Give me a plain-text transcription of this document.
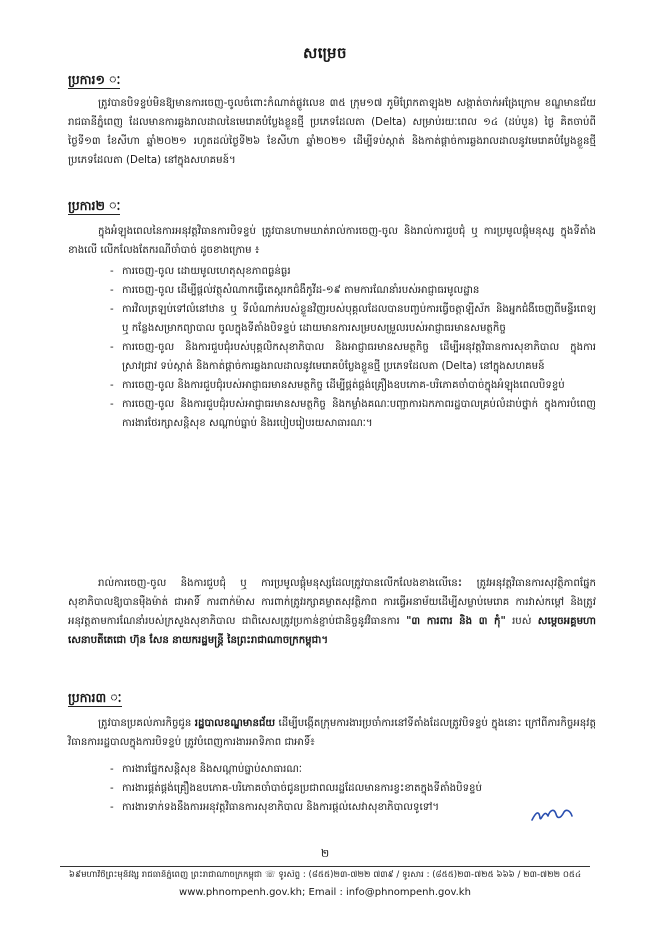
សម្រេច
ប្រការ១ ៈ
ត្រូវបានបិទខ្ទប់មិនឱ្យមានការចេញ-ចូលចំពោះកំណាត់ផ្លូវលេខ ៣៥ ក្រុម១៧ ភូមិព្រែកតាឡុង២ សង្កាត់ចាក់អង្រែក្រោម ខណ្ឌមានជ័យ រាជធានីភ្នំពេញ ដែលមានការឆ្លងរាលដាលនៃមេរោគបំប្លែងខ្លួនថ្មី ប្រភេទដែលតា (Delta) សម្រាប់រយៈពេល ១៤ (ដប់បួន) ថ្ងៃ គិតចាប់ពីថ្ងៃទី១៣ ខែសីហា ឆ្នាំ២០២១ រហូតដល់ថ្ងៃទី២៦ ខែសីហា ឆ្នាំ២០២១ ដើម្បីទប់ស្កាត់ និងកាត់ផ្តាច់ការឆ្លងរាលដាលនូវមេរោគបំប្លែងខ្លួនថ្មី ប្រភេទដែលតា (Delta) នៅក្នុងសហគមន៍។
ប្រការ២ ៈ
ក្នុងអំឡុងពេលនៃការអនុវត្តវិធានការបិទខ្ទប់ ត្រូវបានហាមឃាត់រាល់ការចេញ-ចូល និងរាល់ការជួបជុំ ឬ ការប្រមូលផ្តុំមនុស្ស ក្នុងទីតាំងខាងលើ លើកលែងតែករណីចាំបាច់ ដូចខាងក្រោម ៖
- ការចេញ-ចូល ដោយមូលហេតុសុខភាពធ្ងន់ធ្ងរ
- ការចេញ-ចូល ដើម្បីផ្តល់វត្ថុសំណាកធ្វើតេស្តរកជំងឺកូវីដ-១៩ តាមការណែនាំរបស់អាជ្ញាធរមូលដ្ឋាន
- ការវិលត្រឡប់ទៅលំនៅឋាន ឬ ទីលំណាក់របស់ខ្លួនវិញរបស់បុគ្គលដែលបានបញ្ចប់ការធ្វើចត្តាឡីស័ក និងអ្នកជំងឺចេញពីមន្ទីរពេទ្យ ឬ កន្លែងសម្រាកព្យាបាល ចូលក្នុងទីតាំងបិទខ្ទប់ ដោយមានការសម្របសម្រួលរបស់អាជ្ញាធរមានសមត្ថកិច្ច
- ការចេញ-ចូល និងការជួបជុំរបស់បុគ្គលិកសុខាភិបាល និងអាជ្ញាធរមានសមត្ថកិច្ច ដើម្បីអនុវត្តវិធានការសុខាភិបាល ក្នុងការស្រាវជ្រាវ ទប់ស្កាត់ និងកាត់ផ្តាច់ការឆ្លងរាលដាលនូវមេរោគបំប្លែងខ្លួនថ្មី ប្រភេទដែលតា (Delta) នៅក្នុងសហគមន៍
- ការចេញ-ចូល និងការជួបជុំរបស់អាជ្ញាធរមានសមត្ថកិច្ច ដើម្បីផ្គត់ផ្គង់គ្រឿងឧបភោគ-បរិភោគចាំបាច់ក្នុងអំឡុងពេលបិទខ្ទប់
- ការចេញ-ចូល និងការជួបជុំរបស់អាជ្ញាធរមានសមត្ថកិច្ច និងកម្លាំងគណៈបញ្ជាការឯកភាពរដ្ឋបាលគ្រប់លំដាប់ថ្នាក់ ក្នុងការបំពេញការងារថែរក្សាសន្តិសុខ សណ្តាប់ធ្នាប់ និងរបៀបរៀបរយសាធារណៈ។
រាល់ការចេញ-ចូល និងការជួបជុំ ឬ ការប្រមូលផ្តុំមនុស្សដែលត្រូវបានលើកលែងខាងលើនេះ ត្រូវអនុវត្តវិធានការសុវត្ថិភាពផ្នែកសុខាភិបាលឱ្យបានម៉ឺងម៉ាត់ ជាអាទិ៍ ការពាក់ម៉ាស ការពាក់ត្រូវរក្សាគម្លាតសុវត្ថិភាព ការធ្វើអនាម័យដើម្បីសម្លាប់មេរោគ ការវាស់កម្តៅ និងត្រូវអនុវត្តតាមការណែនាំរបស់ក្រសួងសុខាភិបាល ជាពិសេសត្រូវប្រកាន់ខ្ជាប់ជានិច្ចនូវវិធានការ "៣ ការពារ និង ៣ កុំ" របស់ សម្តេចអគ្គមហាសេនាបតីតេជោ ហ៊ុន សែន នាយករដ្ឋមន្ត្រី នៃព្រះរាជាណាចក្រកម្ពុជា។
ប្រការ៣ ៈ
ត្រូវបានប្រគល់ភារកិច្ចជូន រដ្ឋបាលខណ្ឌមានជ័យ ដើម្បីបង្កើតក្រុមការងារប្រចាំការនៅទីតាំងដែលត្រូវបិទខ្ទប់ ក្នុងនោះ ក្រៅពីភារកិច្ចអនុវត្តវិធានការរដ្ឋបាលក្នុងការបិទខ្ទប់ ត្រូវបំពេញការងារអាទិភាព ជាអាទិ៍៖
- ការងារផ្នែកសន្តិសុខ និងសណ្តាប់ធ្នាប់សាធារណៈ
- ការងារផ្គត់ផ្គង់គ្រឿងឧបភោគ-បរិភោគចាំបាច់ជូនប្រជាពលរដ្ឋដែលមានការខ្វះខាតក្នុងទីតាំងបិទខ្ទប់
- ការងារទាក់ទងនឹងការអនុវត្តវិធានការសុខាភិបាល និងការផ្តល់សេវាសុខាភិបាលទូទៅ។
២
៦៩មហាវិថីព្រះមុនីវង្ស រាជធានីភ្នំពេញ ព្រះរាជាណាចក្រកម្ពុជា ☏ ទូរស័ព្ទ : (៨៥៥)២៣-៧២២ ៧៣៩ / ទូរសារ : (៨៥៥)២៣-៧២៥ ៦៦៦ / ២៣-៧២២ ០៥៤
www.phnompenh.gov.kh; Email : info@phnompenh.gov.kh
